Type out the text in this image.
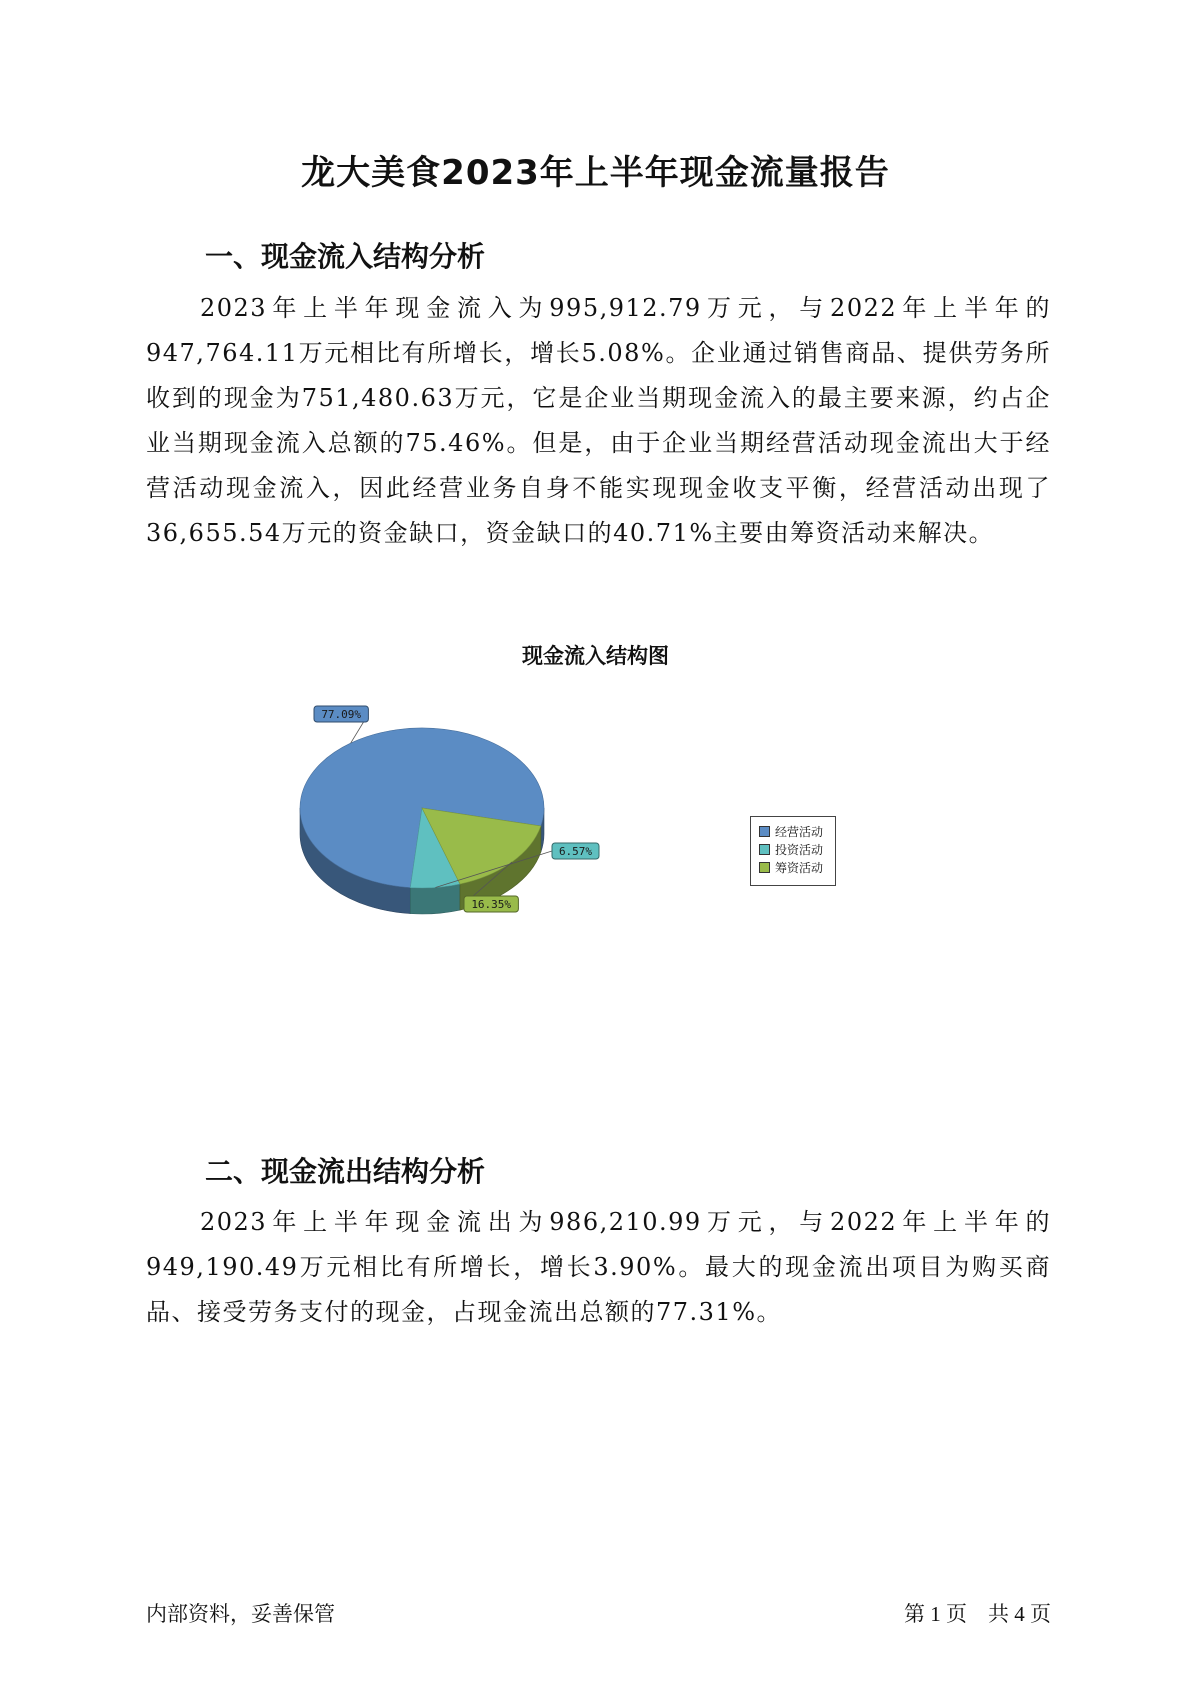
龙大美食2023年上半年现金流量报告
一、现金流入结构分析
2023年上半年现金流入为995,912.79万元，与2022年上半年的947,764.11万元相比有所增长，增长5.08%。企业通过销售商品、提供劳务所收到的现金为751,480.63万元，它是企业当期现金流入的最主要来源，约占企业当期现金流入总额的75.46%。但是，由于企业当期经营活动现金流出大于经营活动现金流入，因此经营业务自身不能实现现金收支平衡，经营活动出现了36,655.54万元的资金缺口，资金缺口的40.71%主要由筹资活动来解决。
现金流入结构图
77.09%
6.57%
16.35%
经营活动
投资活动
筹资活动
二、现金流出结构分析
2023年上半年现金流出为986,210.99万元，与2022年上半年的949,190.49万元相比有所增长，增长3.90%。最大的现金流出项目为购买商品、接受劳务支付的现金，占现金流出总额的77.31%。
内部资料，妥善保管	第 1 页　共 4 页
